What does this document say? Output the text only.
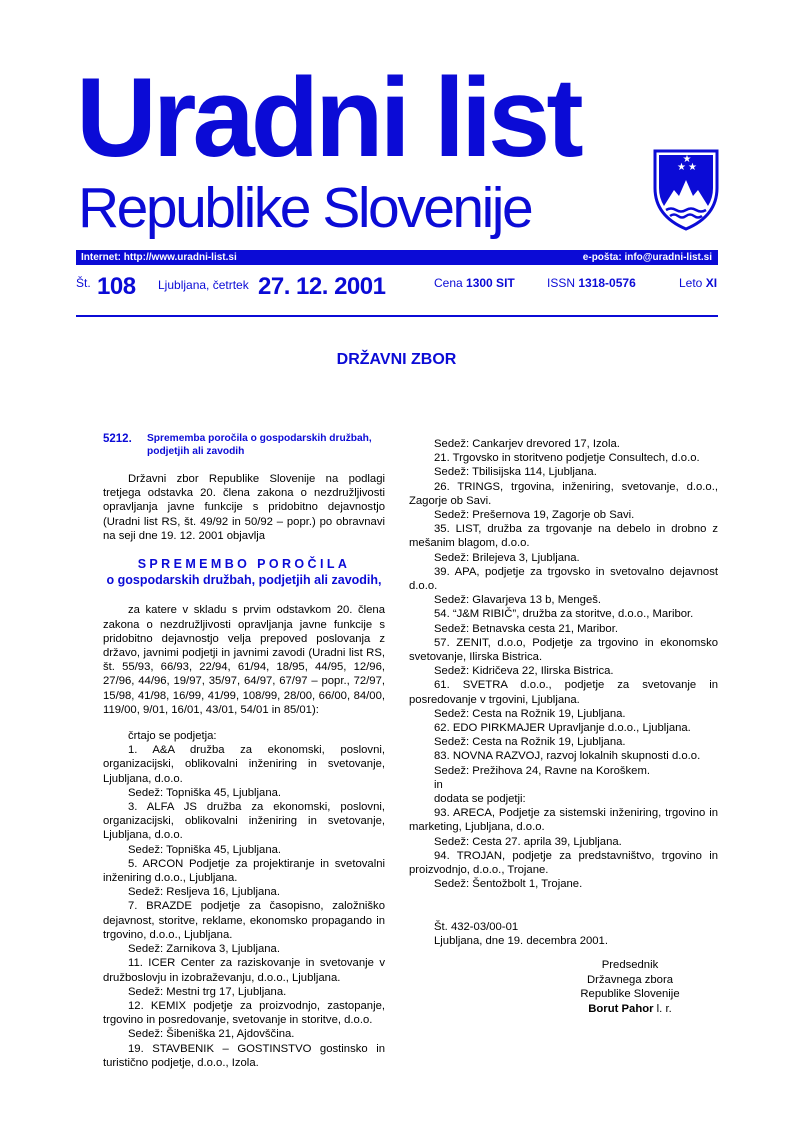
Uradni list
Republike Slovenije
★ ★
★
Internet: http://www.uradni-list.si	e-pošta: info@uradni-list.si
Št. 108 Ljubljana, četrtek 27. 12. 2001	Cena 1300 SIT	ISSN 1318-0576	Leto XI
DRŽAVNI ZBOR
5212.	Sprememba poročila o gospodarskih družbah,
podjetjih ali zavodih

Državni zbor Republike Slovenije na podlagi tretjega odstavka 20. člena zakona o nezdružljivosti opravljanja javne funkcije s pridobitno dejavnostjo (Uradni list RS, št. 49/92 in 50/92 – popr.) po obravnavi na seji dne 19. 12. 2001 objavlja

SPREMEMBO POROČILA

o gospodarskih družbah, podjetjih ali zavodih,

za katere v skladu s prvim odstavkom 20. člena zakona o nezdružljivosti opravljanja javne funkcije s pridobitno dejavnostjo velja prepoved poslovanja z državo, javnimi podjetji in javnimi zavodi (Uradni list RS, št. 55/93, 66/93, 22/94, 61/94, 18/95, 44/95, 12/96, 27/96, 44/96, 19/97, 35/97, 64/97, 67/97 – popr., 72/97, 15/98, 41/98, 16/99, 41/99, 108/99, 28/00, 66/00, 84/00, 119/00, 9/01, 16/01, 43/01, 54/01 in 85/01):

črtajo se podjetja:

1. A&A družba za ekonomski, poslovni, organizacijski, oblikovalni inženiring in svetovanje, Ljubljana, d.o.o.

Sedež: Topniška 45, Ljubljana.

3. ALFA JS družba za ekonomski, poslovni, organizacijski, oblikovalni inženiring in svetovanje, Ljubljana, d.o.o.

Sedež: Topniška 45, Ljubljana.

5. ARCON Podjetje za projektiranje in svetovalni inženiring d.o.o., Ljubljana.

Sedež: Reslјeva 16, Ljubljana.

7. BRAZDE podjetje za časopisno, založniško dejavnost, storitve, reklame, ekonomsko propagando in trgovino, d.o.o., Ljubljana.

Sedež: Zarnikova 3, Ljubljana.

11. ICER Center za raziskovanje in svetovanje v družboslovju in izobraževanju, d.o.o., Ljubljana.

Sedež: Mestni trg 17, Ljubljana.

12. KEMIX podjetje za proizvodnjo, zastopanje, trgovino in posredovanje, svetovanje in storitve, d.o.o.

Sedež: Šibeniška 21, Ajdovščina.

19. STAVBENIK – GOSTINSTVO gostinsko in turistično podjetje, d.o.o., Izola.

Sedež: Cankarjev drevored 17, Izola.

21. Trgovsko in storitveno podjetje Consultech, d.o.o.

Sedež: Tbilisijska 114, Ljubljana.

26. TRINGS, trgovina, inženiring, svetovanje, d.o.o., Zagorje ob Savi.

Sedež: Prešernova 19, Zagorje ob Savi.

35. LIST, družba za trgovanje na debelo in drobno z mešanim blagom, d.o.o.

Sedež: Brilejeva 3, Ljubljana.

39. APA, podjetje za trgovsko in svetovalno dejavnost d.o.o.

Sedež: Glavarjeva 13 b, Mengeš.

54. “J&M RIBIČ”, družba za storitve, d.o.o., Maribor.

Sedež: Betnavska cesta 21, Maribor.

57. ZENIT, d.o.o, Podjetje za trgovino in ekonomsko svetovanje, Ilirska Bistrica.

Sedež: Kidričeva 22, Ilirska Bistrica.

61. SVETRA d.o.o., podjetje za svetovanje in posredovanje v trgovini, Ljubljana.

Sedež: Cesta na Rožnik 19, Ljubljana.

62. EDO PIRKMAJER Upravljanje d.o.o., Ljubljana.

Sedež: Cesta na Rožnik 19, Ljubljana.

83. NOVNA RAZVOJ, razvoj lokalnih skupnosti d.o.o.

Sedež: Prežihova 24, Ravne na Koroškem.

in

dodata se podjetji:

93. ARECA, Podjetje za sistemski inženiring, trgovino in marketing, Ljubljana, d.o.o.

Sedež: Cesta 27. aprila 39, Ljubljana.

94. TROJAN, podjetje za predstavništvo, trgovino in proizvodnjo, d.o.o., Trojane.

Sedež: Šentožbolt 1, Trojane.

Št. 432-03/00-01

Ljubljana, dne 19. decembra 2001.

Predsednik
Državnega zbora
Republike Slovenije
Borut Pahor l. r.
